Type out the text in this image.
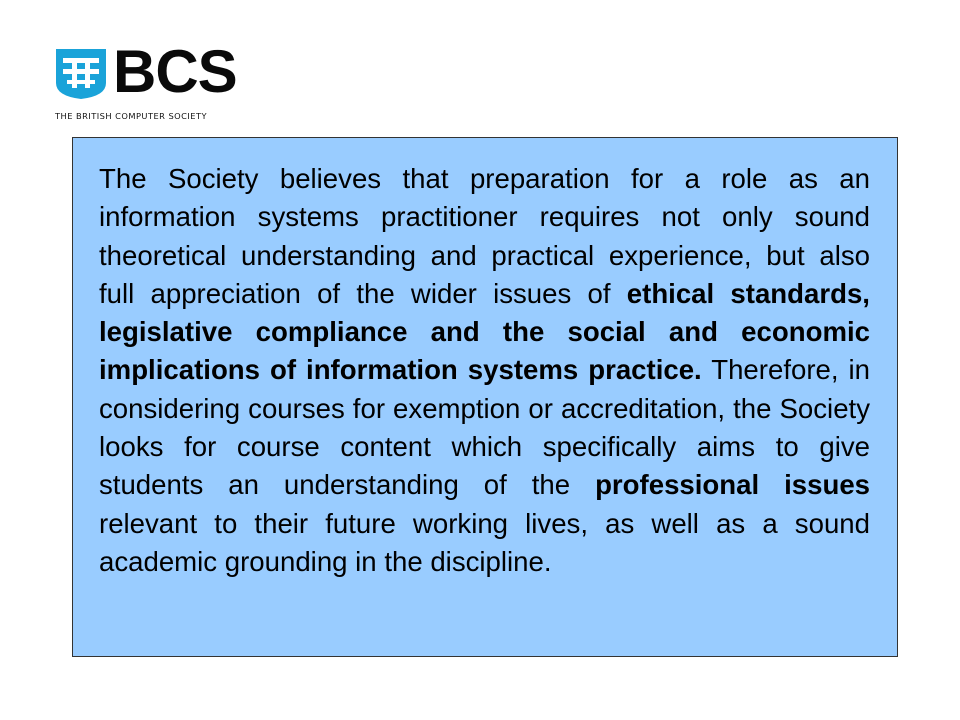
BCS
THE BRITISH COMPUTER SOCIETY

The Society believes that preparation for a role as an information systems practitioner requires not only sound theoretical understanding and practical experience, but also full appreciation of the wider issues of ethical standards, legislative compliance and the social and economic implications of information systems practice. Therefore, in considering courses for exemption or accreditation, the Society looks for course content which specifically aims to give students an understanding of the professional issues relevant to their future working lives, as well as a sound academic grounding in the discipline.
